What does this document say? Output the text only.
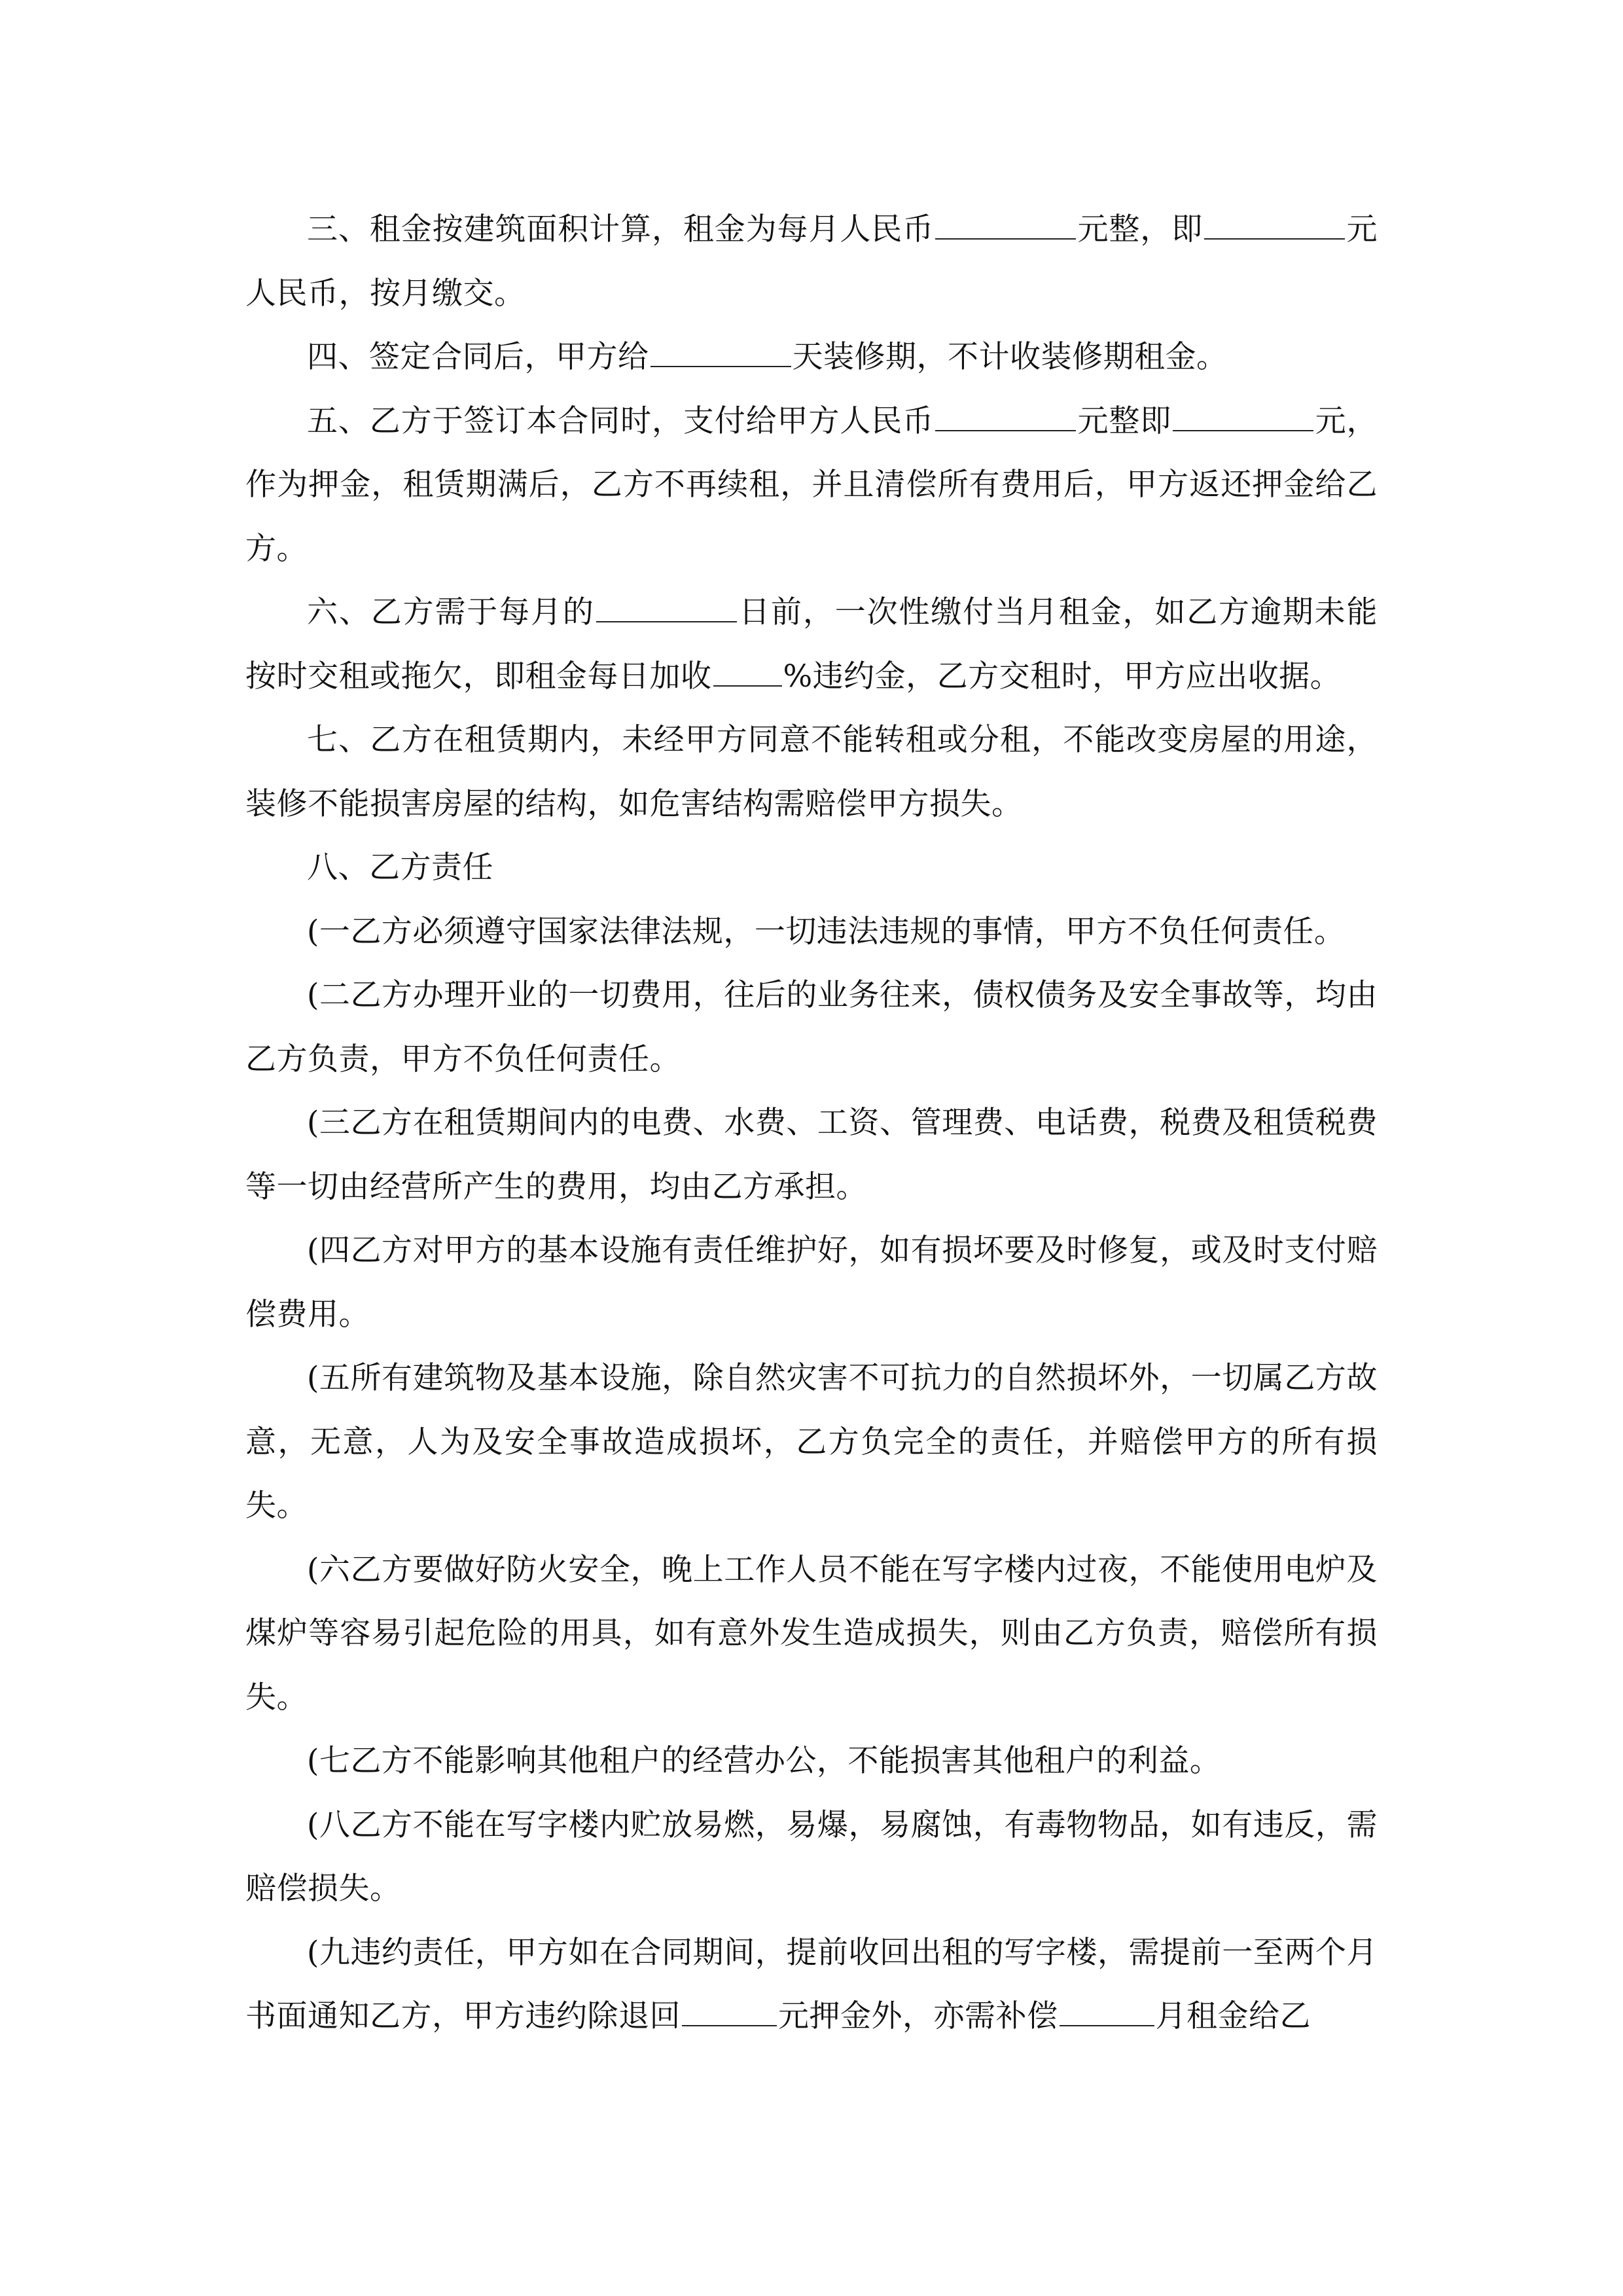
三、租金按建筑面积计算，租金为每月人民币	元整，即	元人民币，按月缴交。

四、签定合同后，甲方给	天装修期，不计收装修期租金。

五、乙方于签订本合同时，支付给甲方人民币	元整即	元，作为押金，租赁期满后，乙方不再续租，并且清偿所有费用后，甲方返还押金给乙方。

六、乙方需于每月的	日前，一次性缴付当月租金，如乙方逾期未能按时交租或拖欠，即租金每日加收 %违约金，乙方交租时，甲方应出收据。

七、乙方在租赁期内，未经甲方同意不能转租或分租，不能改变房屋的用途，装修不能损害房屋的结构，如危害结构需赔偿甲方损失。

八、乙方责任

(一乙方必须遵守国家法律法规，一切违法违规的事情，甲方不负任何责任。

(二乙方办理开业的一切费用，往后的业务往来，债权债务及安全事故等，均由乙方负责，甲方不负任何责任。

(三乙方在租赁期间内的电费、水费、工资、管理费、电话费，税费及租赁税费等一切由经营所产生的费用，均由乙方承担。

(四乙方对甲方的基本设施有责任维护好，如有损坏要及时修复，或及时支付赔偿费用。

(五所有建筑物及基本设施，除自然灾害不可抗力的自然损坏外，一切属乙方故意，无意，人为及安全事故造成损坏，乙方负完全的责任，并赔偿甲方的所有损失。

(六乙方要做好防火安全，晚上工作人员不能在写字楼内过夜，不能使用电炉及煤炉等容易引起危险的用具，如有意外发生造成损失，则由乙方负责，赔偿所有损失。

(七乙方不能影响其他租户的经营办公，不能损害其他租户的利益。

(八乙方不能在写字楼内贮放易燃，易爆，易腐蚀，有毒物物品，如有违反，需赔偿损失。

(九违约责任，甲方如在合同期间，提前收回出租的写字楼，需提前一至两个月书面通知乙方，甲方违约除退回	元押金外，亦需补偿	月租金给乙
